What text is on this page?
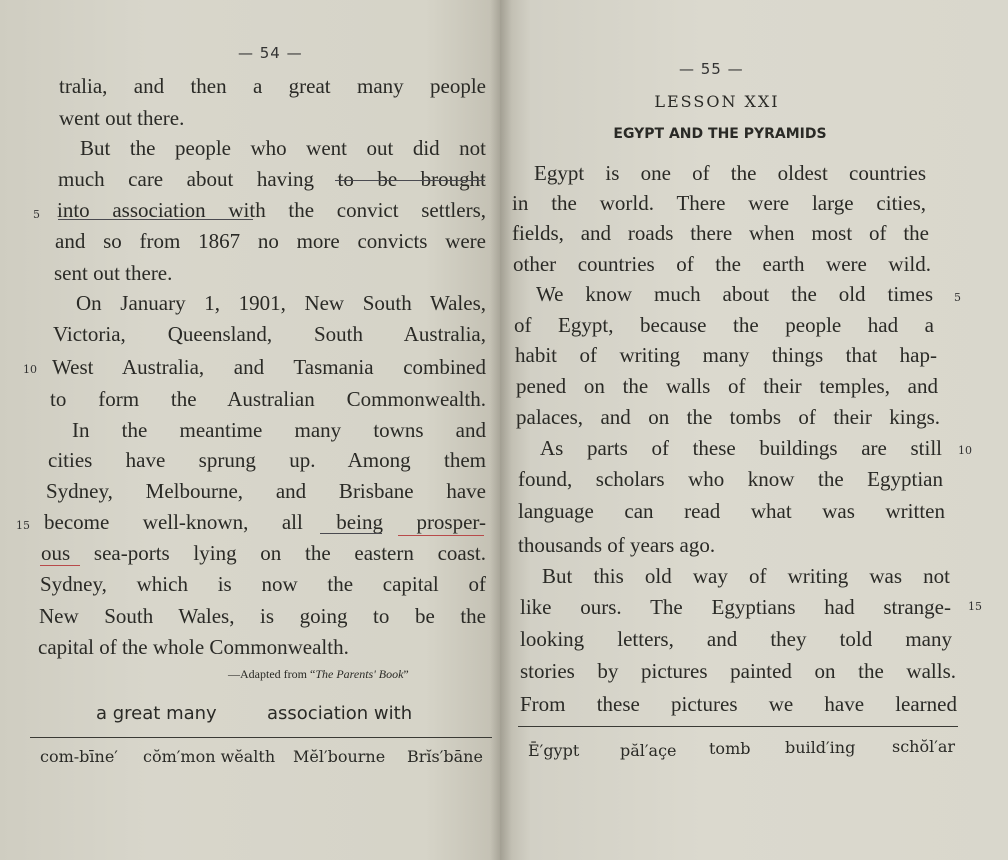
— 54 —
tralia, and then a great many people
went out there.
But the people who went out did not
much care about having to be brought
into association with the convict settlers,
and so from 1867 no more convicts were
sent out there.
On January 1, 1901, New South Wales,
Victoria, Queensland, South Australia,
West Australia, and Tasmania combined
to form the Australian Commonwealth.
In the meantime many towns and
cities have sprung up. Among them
Sydney, Melbourne, and Brisbane have
become well-known, all being prosper-
ous sea-ports lying on the eastern coast.
Sydney, which is now the capital of
New South Wales, is going to be the
capital of the whole Commonwealth.
5
10
15
—Adapted from “The Parents' Book”
a great many	association with
com-bīne′ cŏm′mon wĕalth Mĕl′bourne Brĭs′bāne
— 55 —
LESSON XXI
EGYPT AND THE PYRAMIDS
Egypt is one of the oldest countries
in the world. There were large cities,
fields, and roads there when most of the
other countries of the earth were wild.
We know much about the old times
of Egypt, because the people had a
habit of writing many things that hap-
pened on the walls of their temples, and
palaces, and on the tombs of their kings.
As parts of these buildings are still
found, scholars who know the Egyptian
language can read what was written
thousands of years ago.
But this old way of writing was not
like ours. The Egyptians had strange-
looking letters, and they told many
stories by pictures painted on the walls.
From these pictures we have learned
5
10
15
Ē′gypt	păl′açe tomb build′ing schŏl′ar
